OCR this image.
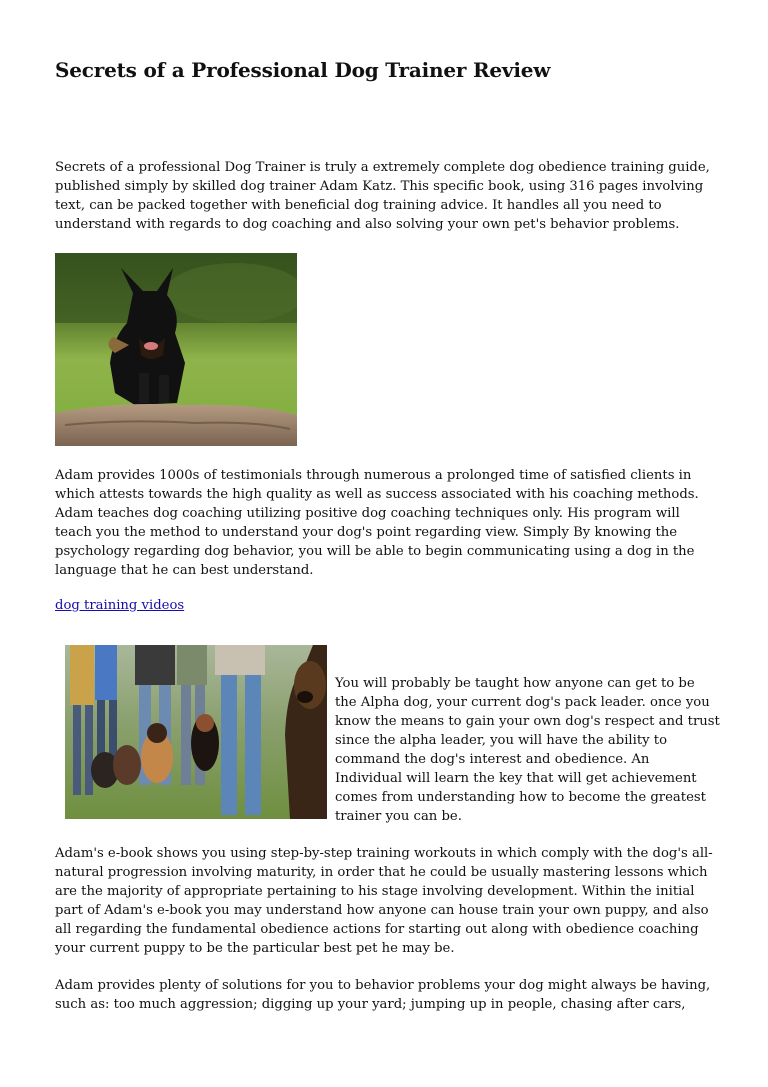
Secrets of a Professional Dog Trainer Review

Secrets of a professional Dog Trainer is truly a extremely complete dog obedience training guide, published simply by skilled dog trainer Adam Katz. This specific book, using 316 pages involving text, can be packed together with beneficial dog training advice. It handles all you need to understand with regards to dog coaching and also solving your own pet's behavior problems.

Adam provides 1000s of testimonials through numerous a prolonged time of satisfied clients in which attests towards the high quality as well as success associated with his coaching methods. Adam teaches dog coaching utilizing positive dog coaching techniques only. His program will teach you the method to understand your dog's point regarding view. Simply By knowing the psychology regarding dog behavior, you will be able to begin communicating using a dog in the language that he can best understand.

dog training videos

You will probably be taught how anyone can get to be the Alpha dog, your current dog's pack leader. once you know the means to gain your own dog's respect and trust since the alpha leader, you will have the ability to command the dog's interest and obedience. An Individual will learn the key that will get achievement comes from understanding how to become the greatest trainer you can be.

Adam's e-book shows you using step-by-step training workouts in which comply with the dog's all-natural progression involving maturity, in order that he could be usually mastering lessons which are the majority of appropriate pertaining to his stage involving development. Within the initial part of Adam's e-book you may understand how anyone can house train your own puppy, and also all regarding the fundamental obedience actions for starting out along with obedience coaching your current puppy to be the particular best pet he may be.

Adam provides plenty of solutions for you to behavior problems your dog might always be having, such as: too much aggression; digging up your yard; jumping up in people, chasing after cars,
